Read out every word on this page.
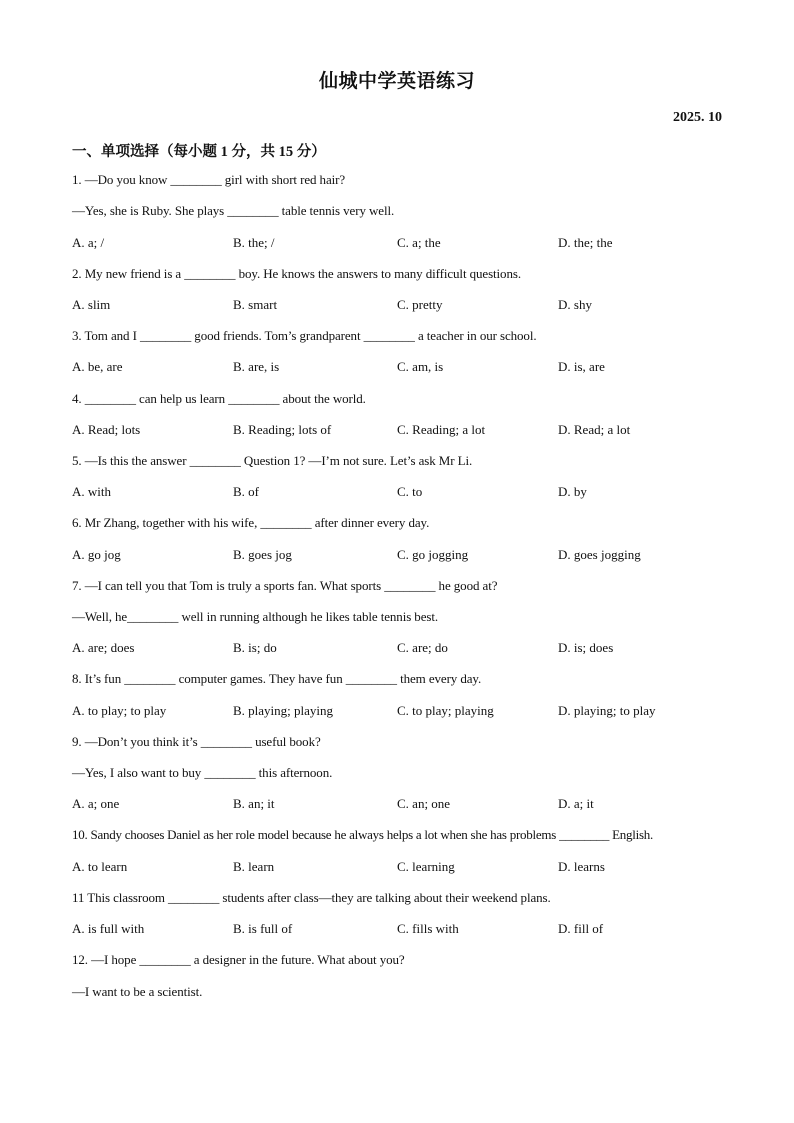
仙城中学英语练习
2025. 10
一、单项选择（每小题 1 分，共 15 分）
1. —Do you know ________ girl with short red hair?
—Yes, she is Ruby. She plays ________ table tennis very well.
A. a; /	B. the; /	C. a; the	D. the; the
2. My new friend is a ________ boy. He knows the answers to many difficult questions.
A. slim	B. smart	C. pretty	D. shy
3. Tom and I ________ good friends. Tom’s grandparent ________ a teacher in our school.
A. be, are	B. are, is	C. am, is	D. is, are
4. ________ can help us learn ________ about the world.
A. Read; lots	B. Reading; lots of	C. Reading; a lot	D. Read; a lot
5. —Is this the answer ________ Question 1? —I’m not sure. Let’s ask Mr Li.
A. with	B. of	C. to	D. by
6. Mr Zhang, together with his wife, ________ after dinner every day.
A. go jog	B. goes jog	C. go jogging	D. goes jogging
7. —I can tell you that Tom is truly a sports fan. What sports ________ he good at?
—Well, he________ well in running although he likes table tennis best.
A. are; does	B. is; do	C. are; do	D. is; does
8. It’s fun ________ computer games. They have fun ________ them every day.
A. to play; to play	B. playing; playing	C. to play; playing	D. playing; to play
9. —Don’t you think it’s ________ useful book?
—Yes, I also want to buy ________ this afternoon.
A. a; one	B. an; it	C. an; one	D. a; it
10. Sandy chooses Daniel as her role model because he always helps a lot when she has problems ________ English.
A. to learn	B. learn	C. learning	D. learns
11 This classroom ________ students after class—they are talking about their weekend plans.
A. is full with	B. is full of	C. fills with	D. fill of
12. —I hope ________ a designer in the future. What about you?
—I want to be a scientist.
